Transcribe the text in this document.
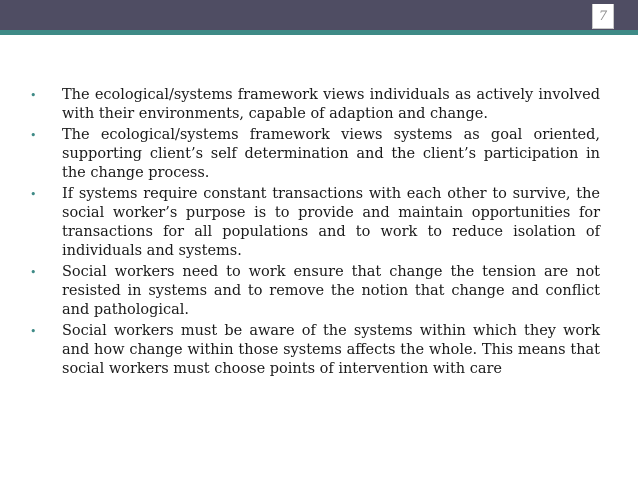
7
• The ecological/systems framework views individuals as actively involved with their environments, capable of adaption and change.
• The ecological/systems framework views systems as goal oriented, supporting client’s self determination and the client’s participation in the change process.
• If systems require constant transactions with each other to survive, the social worker’s purpose is to provide and maintain opportunities for transactions for all populations and to work to reduce isolation of individuals and systems.
• Social workers need to work ensure that change the tension are not resisted in systems and to remove the notion that change and conflict and pathological.
• Social workers must be aware of the systems within which they work and how change within those systems affects the whole. This means that social workers must choose points of intervention with care
